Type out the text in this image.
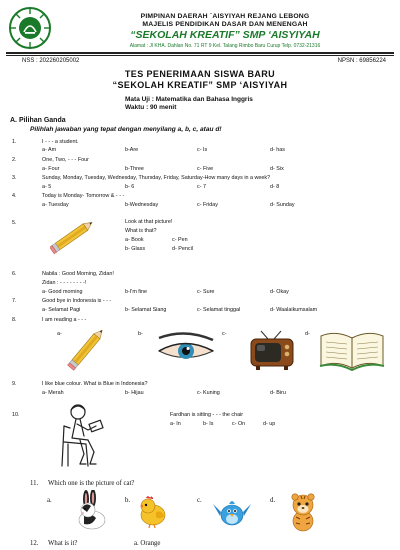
PIMPINAN DAERAH `AISYIYAH REJANG LEBONG
MAJELIS PENDIDIKAN DASAR DAN MENENGAH
“SEKOLAH KREATIF” SMP ‘AISYIYAH
Alamat : Jl KHA. Dahlan No. 71 RT 9 Kel. Talang Rimbo Baru Curup Telp. 0732-21316
NSS : 202260205002	NPSN : 69856224
TES PENERIMAAN SISWA BARU
“SEKOLAH KREATIF” SMP ‘AISYIYAH
Mata Uji : Matematika dan Bahasa Inggris
Waktu : 90 menit
A. Pilihan Ganda
Pilihlah jawaban yang tepat dengan menyilang a, b, c, atau d!
1.	I - - - a student.
a- Am	b-Are	c- Is	d- has
2.	One, Two, - - - Four
a- Four	b-Three	c- Five	d- Six
3.	Sunday, Monday, Tuesday, Wednesday, Thursday, Friday, Saturday-How many days in a week?
a- 5	b- 6	c- 7	d- 8
4.	Today is Monday- Tomorrow & - - -
a- Tuesday	b-Wednesday	c- Friday	d- Sunday
5.	Look at that picture!
What is that?
a- Book	c- Pen
b- Glass	d- Pencil
6.	Nabila : Good Morning, Zidan!
Zidan : - - - - - - - -!
a- Good morning	b-I'm fine	c- Sure	d- Okay
7.	Good bye in Indonesia is - - -
a- Selamat Pagi	b- Selamat Siang	c- Selamat tinggal	d- Waalaikumsalam
8.	I am reading a - - -
a-	b-	c-	d-
9.	I like blue colour. What is Blue in Indonesia?
a- Merah	b- Hijau	c- Kuning	d- Biru
10.	Fardhan is sitting - - - the chair
a- In	b- Is	c- On	d- up
11. Which one is the picture of cat?
a.	b.	c.	d.
12. What is it?	a. Orange
